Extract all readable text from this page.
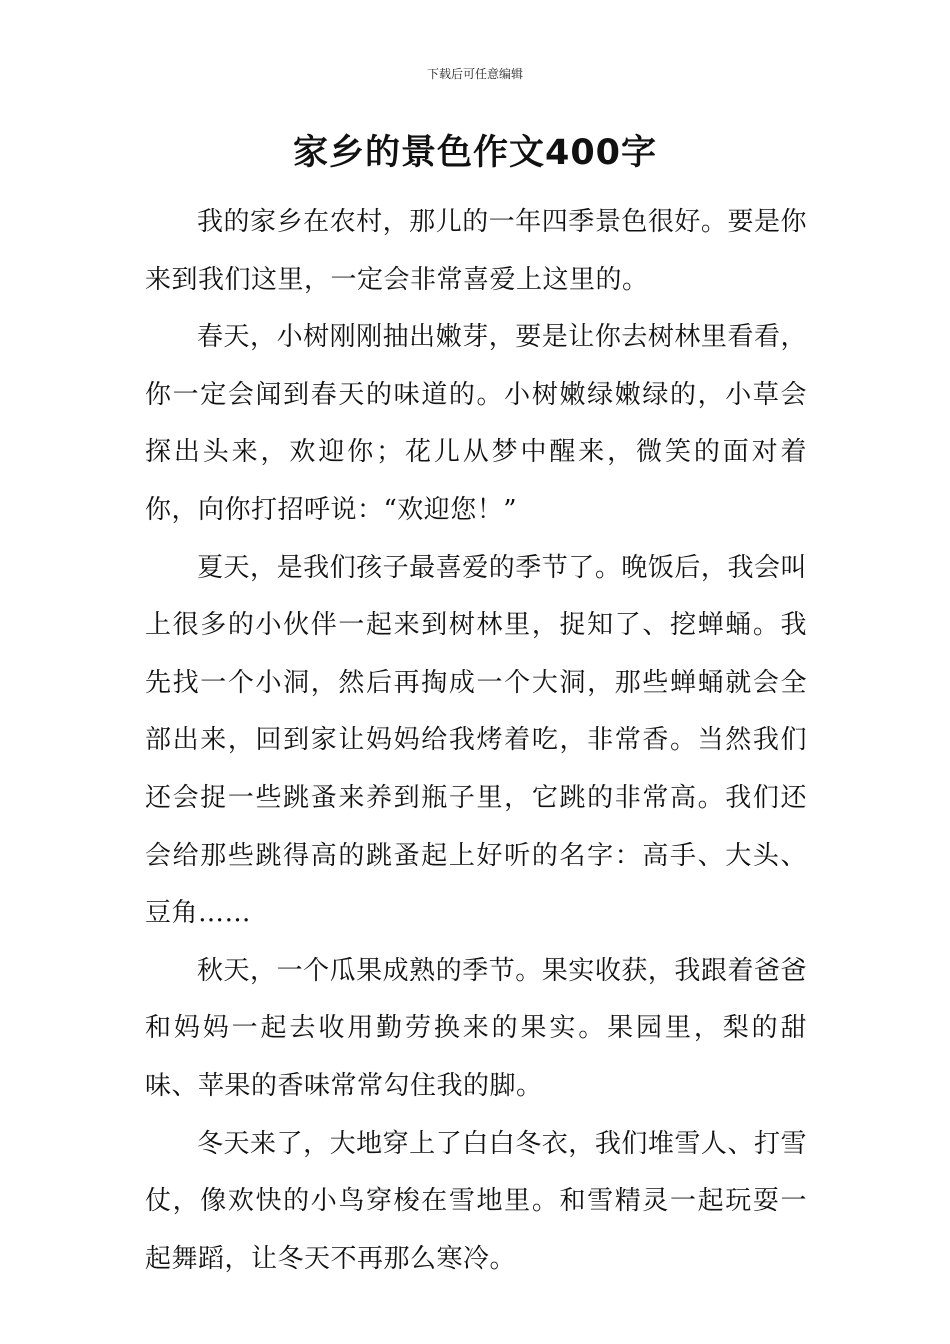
下载后可任意编辑
家乡的景色作文400字

我的家乡在农村，那儿的一年四季景色很好。要是你来到我们这里，一定会非常喜爱上这里的。

春天，小树刚刚抽出嫩芽，要是让你去树林里看看，你一定会闻到春天的味道的。小树嫩绿嫩绿的，小草会探出头来，欢迎你；花儿从梦中醒来，微笑的面对着你，向你打招呼说：“欢迎您！”

夏天，是我们孩子最喜爱的季节了。晚饭后，我会叫上很多的小伙伴一起来到树林里，捉知了、挖蝉蛹。我先找一个小洞，然后再掏成一个大洞，那些蝉蛹就会全部出来，回到家让妈妈给我烤着吃，非常香。当然我们还会捉一些跳蚤来养到瓶子里，它跳的非常高。我们还会给那些跳得高的跳蚤起上好听的名字：高手、大头、豆角……

秋天，一个瓜果成熟的季节。果实收获，我跟着爸爸和妈妈一起去收用勤劳换来的果实。果园里，梨的甜味、苹果的香味常常勾住我的脚。

冬天来了，大地穿上了白白冬衣，我们堆雪人、打雪仗，像欢快的小鸟穿梭在雪地里。和雪精灵一起玩耍一起舞蹈，让冬天不再那么寒冷。
